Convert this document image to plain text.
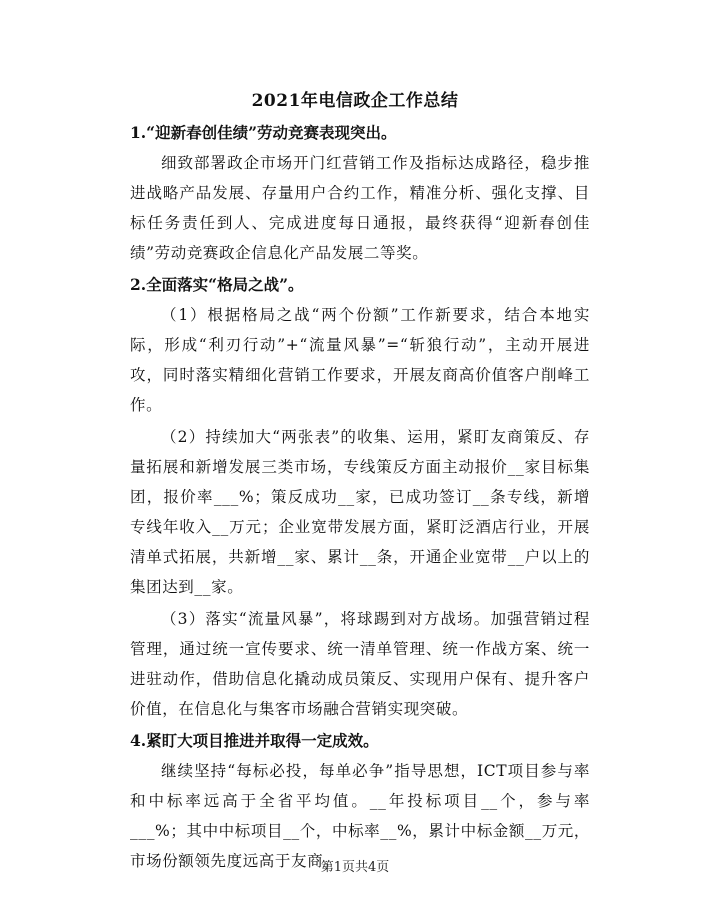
2021年电信政企工作总结
1.“迎新春创佳绩”劳动竞赛表现突出。
细致部署政企市场开门红营销工作及指标达成路径，稳步推进战略产品发展、存量用户合约工作，精准分析、强化支撑、目标任务责任到人、完成进度每日通报，最终获得“迎新春创佳绩”劳动竞赛政企信息化产品发展二等奖。
2.全面落实“格局之战”。
（1）根据格局之战“两个份额”工作新要求，结合本地实际，形成“利刃行动”+“流量风暴”=“斩狼行动”，主动开展进攻，同时落实精细化营销工作要求，开展友商高价值客户削峰工作。
（2）持续加大“两张表”的收集、运用，紧盯友商策反、存量拓展和新增发展三类市场，专线策反方面主动报价__家目标集团，报价率___%；策反成功__家，已成功签订__条专线，新增专线年收入__万元；企业宽带发展方面，紧盯泛酒店行业，开展清单式拓展，共新增__家、累计__条，开通企业宽带__户以上的集团达到__家。
（3）落实“流量风暴”，将球踢到对方战场。加强营销过程管理，通过统一宣传要求、统一清单管理、统一作战方案、统一进驻动作，借助信息化撬动成员策反、实现用户保有、提升客户价值，在信息化与集客市场融合营销实现突破。
4.紧盯大项目推进并取得一定成效。
继续坚持“每标必投，每单必争”指导思想，ICT项目参与率和中标率远高于全省平均值。__年投标项目__个，参与率___%；其中中标项目__个，中标率__%，累计中标金额__万元，市场份额领先度远高于友商。
第1页共4页
